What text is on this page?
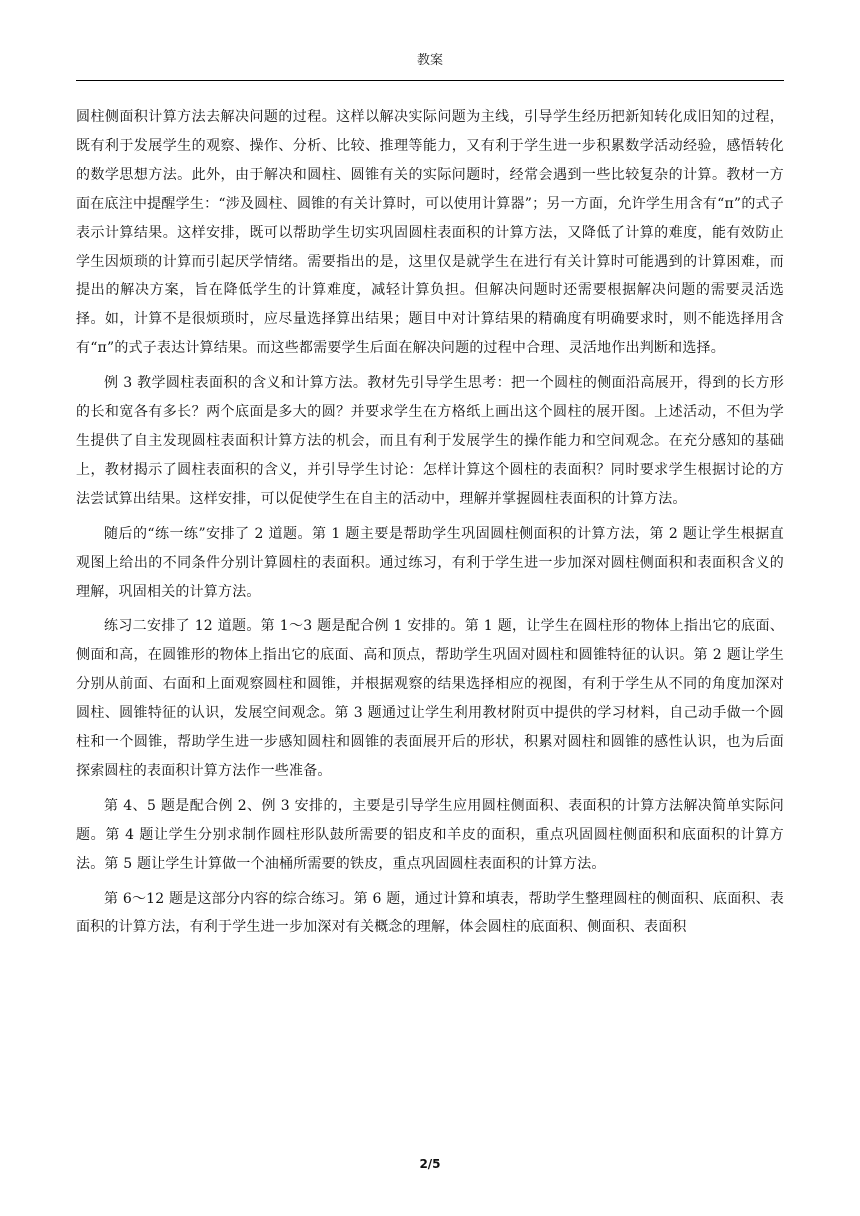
教案

圆柱侧面积计算方法去解决问题的过程。这样以解决实际问题为主线，引导学生经历把新知转化成旧知的过程，既有利于发展学生的观察、操作、分析、比较、推理等能力，又有利于学生进一步积累数学活动经验，感悟转化的数学思想方法。此外，由于解决和圆柱、圆锥有关的实际问题时，经常会遇到一些比较复杂的计算。教材一方面在底注中提醒学生：“涉及圆柱、圆锥的有关计算时，可以使用计算器”；另一方面，允许学生用含有“π”的式子表示计算结果。这样安排，既可以帮助学生切实巩固圆柱表面积的计算方法，又降低了计算的难度，能有效防止学生因烦琐的计算而引起厌学情绪。需要指出的是，这里仅是就学生在进行有关计算时可能遇到的计算困难，而提出的解决方案，旨在降低学生的计算难度，减轻计算负担。但解决问题时还需要根据解决问题的需要灵活选择。如，计算不是很烦琐时，应尽量选择算出结果；题目中对计算结果的精确度有明确要求时，则不能选择用含有“π”的式子表达计算结果。而这些都需要学生后面在解决问题的过程中合理、灵活地作出判断和选择。

例 3 教学圆柱表面积的含义和计算方法。教材先引导学生思考：把一个圆柱的侧面沿高展开，得到的长方形的长和宽各有多长？两个底面是多大的圆？并要求学生在方格纸上画出这个圆柱的展开图。上述活动，不但为学生提供了自主发现圆柱表面积计算方法的机会，而且有利于发展学生的操作能力和空间观念。在充分感知的基础上，教材揭示了圆柱表面积的含义，并引导学生讨论：怎样计算这个圆柱的表面积？同时要求学生根据讨论的方法尝试算出结果。这样安排，可以促使学生在自主的活动中，理解并掌握圆柱表面积的计算方法。

随后的“练一练”安排了 2 道题。第 1 题主要是帮助学生巩固圆柱侧面积的计算方法，第 2 题让学生根据直观图上给出的不同条件分别计算圆柱的表面积。通过练习，有利于学生进一步加深对圆柱侧面积和表面积含义的理解，巩固相关的计算方法。

练习二安排了 12 道题。第 1～3 题是配合例 1 安排的。第 1 题，让学生在圆柱形的物体上指出它的底面、侧面和高，在圆锥形的物体上指出它的底面、高和顶点，帮助学生巩固对圆柱和圆锥特征的认识。第 2 题让学生分别从前面、右面和上面观察圆柱和圆锥，并根据观察的结果选择相应的视图，有利于学生从不同的角度加深对圆柱、圆锥特征的认识，发展空间观念。第 3 题通过让学生利用教材附页中提供的学习材料，自己动手做一个圆柱和一个圆锥，帮助学生进一步感知圆柱和圆锥的表面展开后的形状，积累对圆柱和圆锥的感性认识，也为后面探索圆柱的表面积计算方法作一些准备。

第 4、5 题是配合例 2、例 3 安排的，主要是引导学生应用圆柱侧面积、表面积的计算方法解决简单实际问题。第 4 题让学生分别求制作圆柱形队鼓所需要的铝皮和羊皮的面积，重点巩固圆柱侧面积和底面积的计算方法。第 5 题让学生计算做一个油桶所需要的铁皮，重点巩固圆柱表面积的计算方法。

第 6～12 题是这部分内容的综合练习。第 6 题，通过计算和填表，帮助学生整理圆柱的侧面积、底面积、表面积的计算方法，有利于学生进一步加深对有关概念的理解，体会圆柱的底面积、侧面积、表面积

2/5
